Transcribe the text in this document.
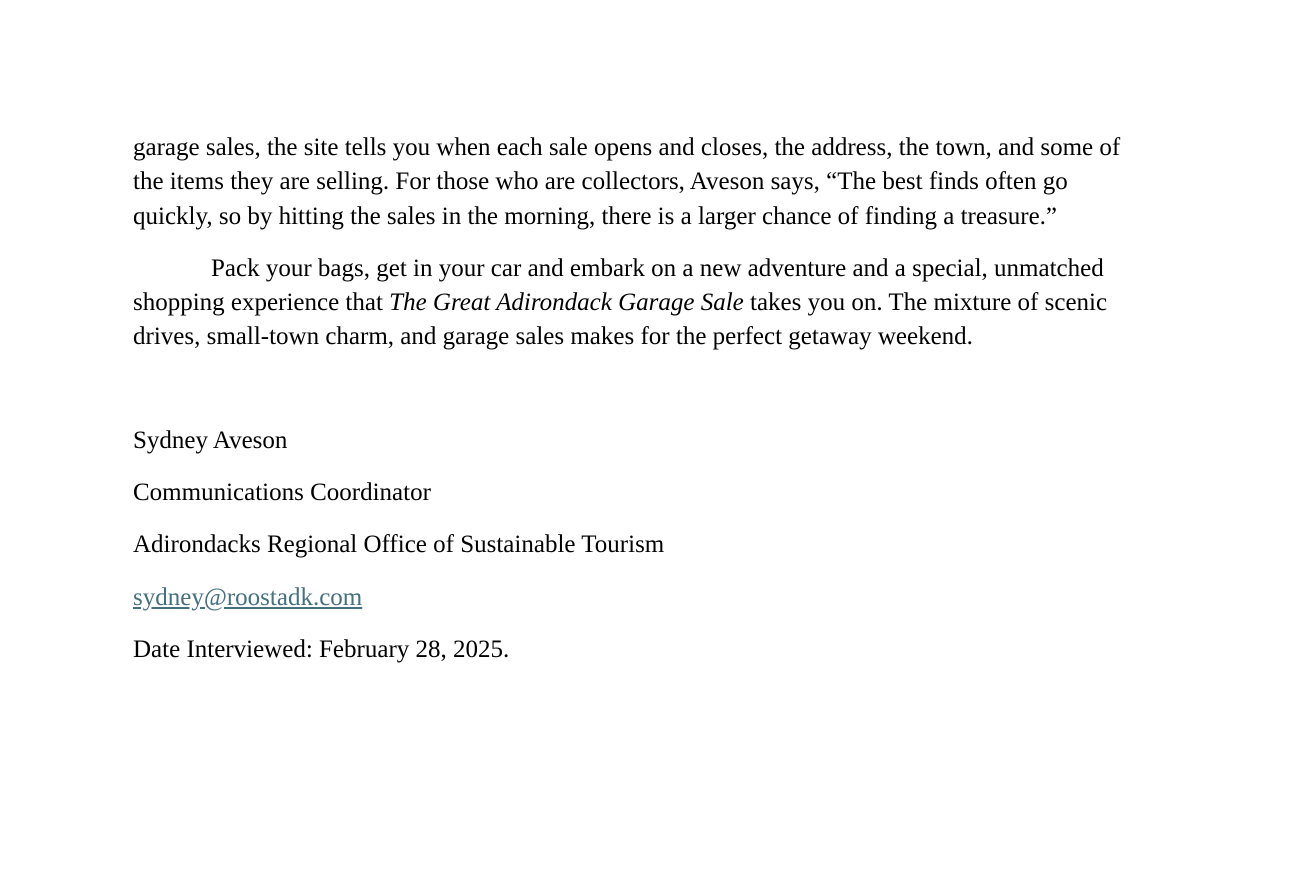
garage sales, the site tells you when each sale opens and closes, the address, the town, and some of the items they are selling. For those who are collectors, Aveson says, “The best finds often go quickly, so by hitting the sales in the morning, there is a larger chance of finding a treasure.”

Pack your bags, get in your car and embark on a new adventure and a special, unmatched shopping experience that The Great Adirondack Garage Sale takes you on. The mixture of scenic drives, small-town charm, and garage sales makes for the perfect getaway weekend.

Sydney Aveson

Communications Coordinator

Adirondacks Regional Office of Sustainable Tourism

sydney@roostadk.com

Date Interviewed: February 28, 2025.
